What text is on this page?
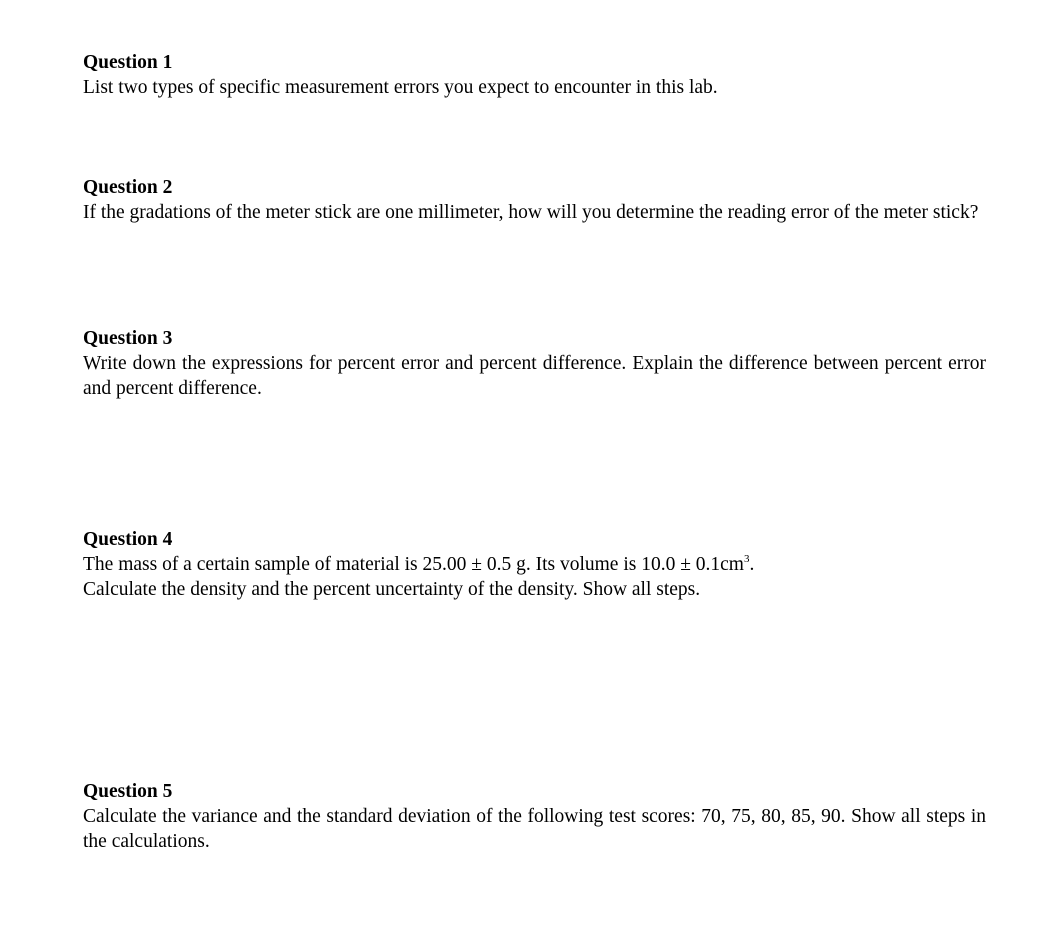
Question 1

List two types of specific measurement errors you expect to encounter in this lab.

Question 2

If the gradations of the meter stick are one millimeter, how will you determine the reading error of the meter stick?

Question 3

Write down the expressions for percent error and percent difference. Explain the difference between percent error and percent difference.

Question 4

The mass of a certain sample of material is 25.00 ± 0.5 g. Its volume is $10.0 \pm 0.1cm^3$.
Calculate the density and the percent uncertainty of the density. Show all steps.

Question 5

Calculate the variance and the standard deviation of the following test scores: 70, 75, 80, 85, 90. Show all steps in the calculations.
